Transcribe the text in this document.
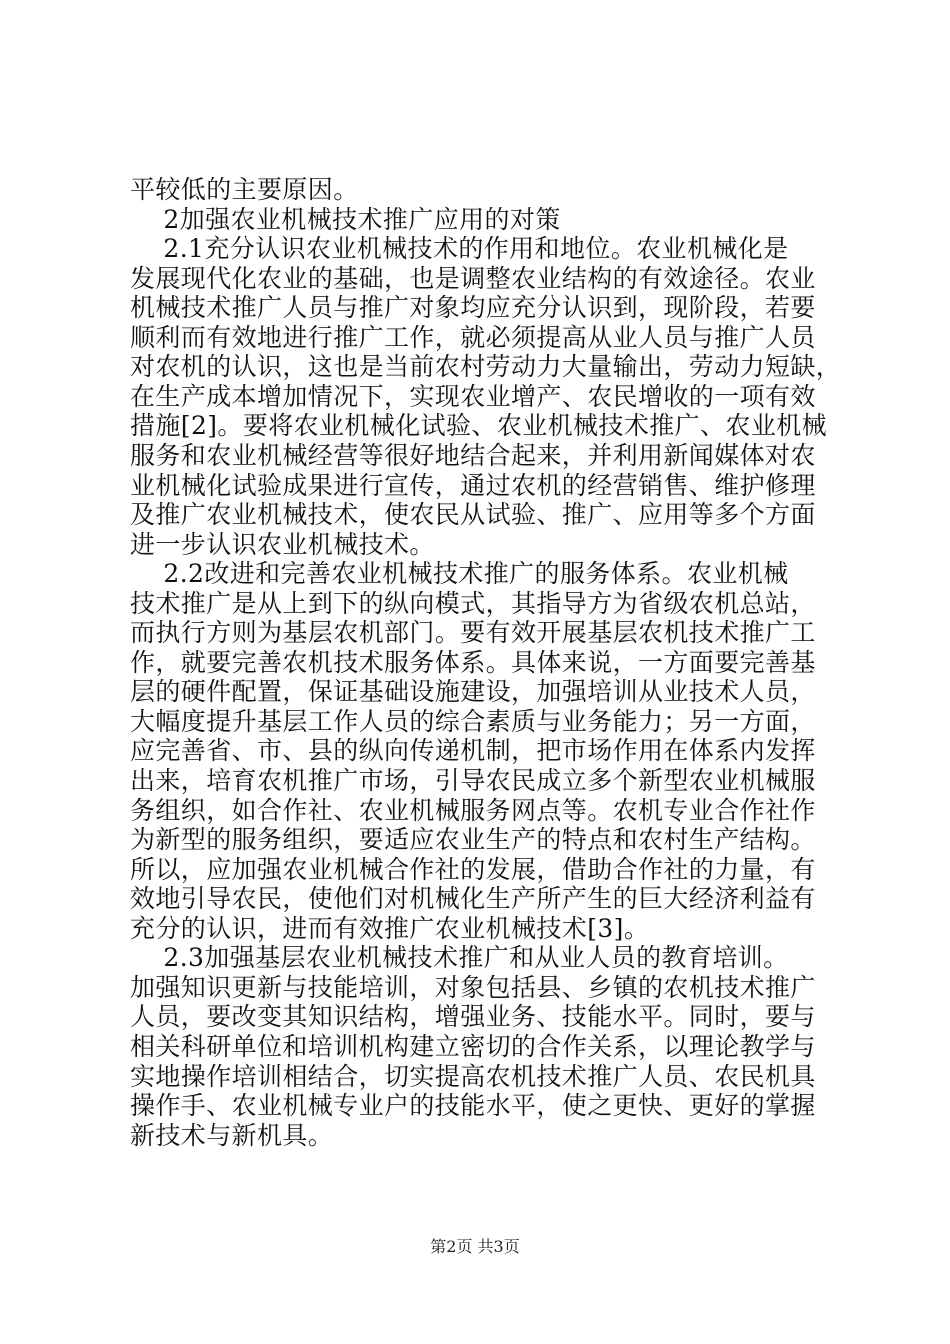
平较低的主要原因。
2加强农业机械技术推广应用的对策
2.1充分认识农业机械技术的作用和地位。农业机械化是
发展现代化农业的基础，也是调整农业结构的有效途径。农业
机械技术推广人员与推广对象均应充分认识到，现阶段，若要
顺利而有效地进行推广工作，就必须提高从业人员与推广人员
对农机的认识，这也是当前农村劳动力大量输出，劳动力短缺，
在生产成本增加情况下，实现农业增产、农民增收的一项有效
措施[2]。要将农业机械化试验、农业机械技术推广、农业机械
服务和农业机械经营等很好地结合起来，并利用新闻媒体对农
业机械化试验成果进行宣传，通过农机的经营销售、维护修理
及推广农业机械技术，使农民从试验、推广、应用等多个方面
进一步认识农业机械技术。
2.2改进和完善农业机械技术推广的服务体系。农业机械
技术推广是从上到下的纵向模式，其指导方为省级农机总站，
而执行方则为基层农机部门。要有效开展基层农机技术推广工
作，就要完善农机技术服务体系。具体来说，一方面要完善基
层的硬件配置，保证基础设施建设，加强培训从业技术人员，
大幅度提升基层工作人员的综合素质与业务能力；另一方面，
应完善省、市、县的纵向传递机制，把市场作用在体系内发挥
出来，培育农机推广市场，引导农民成立多个新型农业机械服
务组织，如合作社、农业机械服务网点等。农机专业合作社作
为新型的服务组织，要适应农业生产的特点和农村生产结构。
所以，应加强农业机械合作社的发展，借助合作社的力量，有
效地引导农民，使他们对机械化生产所产生的巨大经济利益有
充分的认识，进而有效推广农业机械技术[3]。
2.3加强基层农业机械技术推广和从业人员的教育培训。
加强知识更新与技能培训，对象包括县、乡镇的农机技术推广
人员，要改变其知识结构，增强业务、技能水平。同时，要与
相关科研单位和培训机构建立密切的合作关系，以理论教学与
实地操作培训相结合，切实提高农机技术推广人员、农民机具
操作手、农业机械专业户的技能水平，使之更快、更好的掌握
新技术与新机具。
第2页 共3页
